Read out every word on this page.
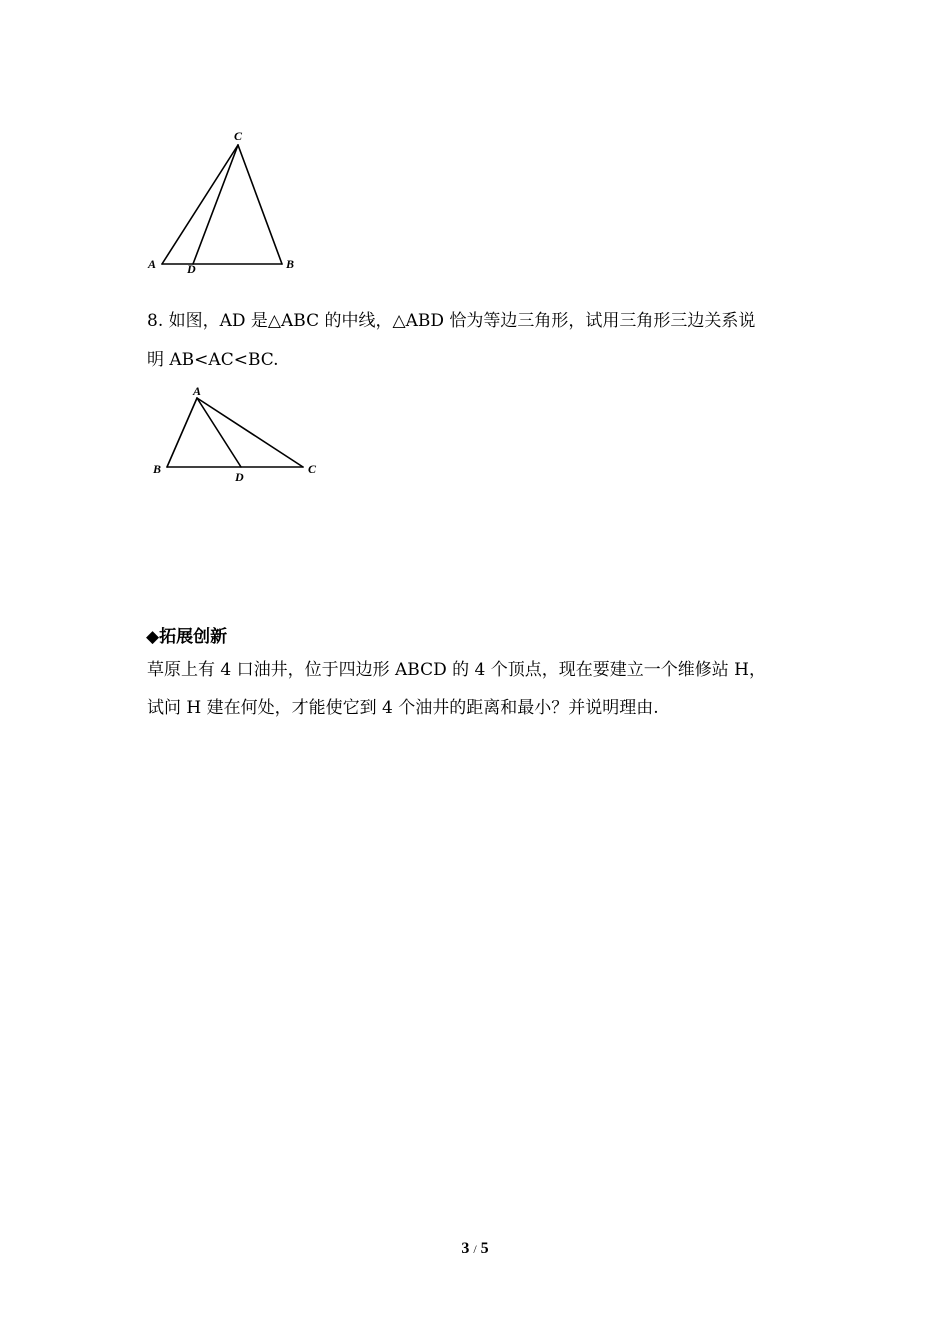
C
A	D	B

8. 如图，AD 是△ABC 的中线，△ABD 恰为等边三角形，试用三角形三边关系说

明 AB<AC<BC.

A
B
D
C

◆拓展创新

草原上有 4 口油井，位于四边形 ABCD 的 4 个顶点，现在要建立一个维修站 H，

试问 H 建在何处，才能使它到 4 个油井的距离和最小？并说明理由.

3 / 5
